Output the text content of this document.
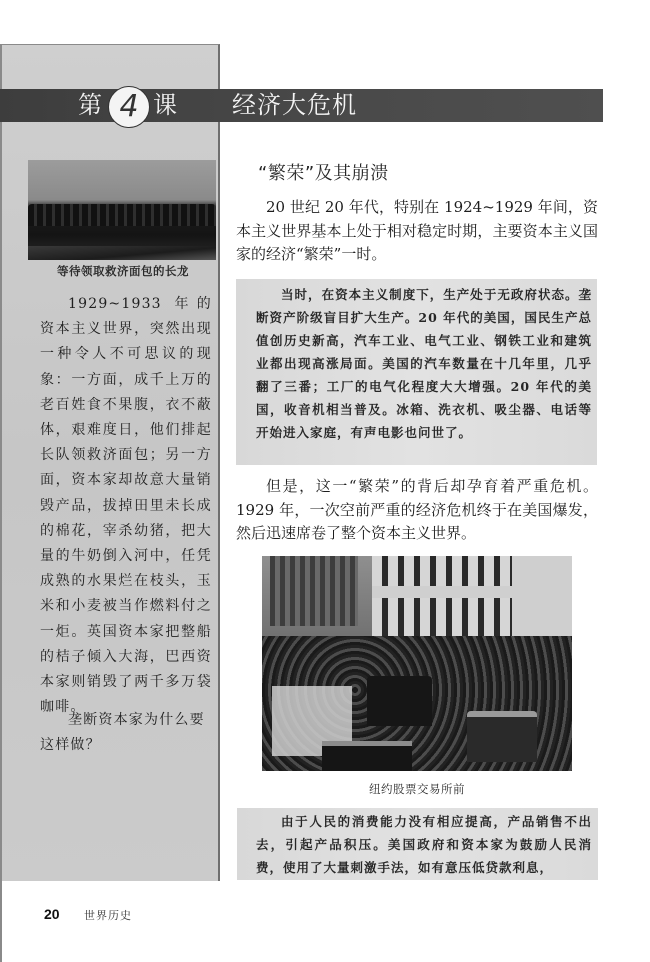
第 4 课 经济大危机
等待领取救济面包的长龙

1929~1933 年的资本主义世界，突然出现一种令人不可思议的现象：一方面，成千上万的老百姓食不果腹，衣不蔽体，艰难度日，他们排起长队领救济面包；另一方面，资本家却故意大量销毁产品，拔掉田里未长成的棉花，宰杀幼猪，把大量的牛奶倒入河中，任凭成熟的水果烂在枝头，玉米和小麦被当作燃料付之一炬。英国资本家把整船的桔子倾入大海，巴西资本家则销毁了两千多万袋咖啡。

垄断资本家为什么要这样做？

“繁荣”及其崩溃

20 世纪 20 年代，特别在 1924~1929 年间，资本主义世界基本上处于相对稳定时期，主要资本主义国家的经济“繁荣”一时。

当时，在资本主义制度下，生产处于无政府状态。垄断资产阶级盲目扩大生产。20 年代的美国，国民生产总值创历史新高，汽车工业、电气工业、钢铁工业和建筑业都出现高涨局面。美国的汽车数量在十几年里，几乎翻了三番；工厂的电气化程度大大增强。20 年代的美国，收音机相当普及。冰箱、洗衣机、吸尘器、电话等开始进入家庭，有声电影也问世了。

但是，这一“繁荣”的背后却孕育着严重危机。1929 年，一次空前严重的经济危机终于在美国爆发，然后迅速席卷了整个资本主义世界。

纽约股票交易所前

由于人民的消费能力没有相应提高，产品销售不出去，引起产品积压。美国政府和资本家为鼓励人民消费，使用了大量刺激手法，如有意压低贷款利息，

20 世界历史
